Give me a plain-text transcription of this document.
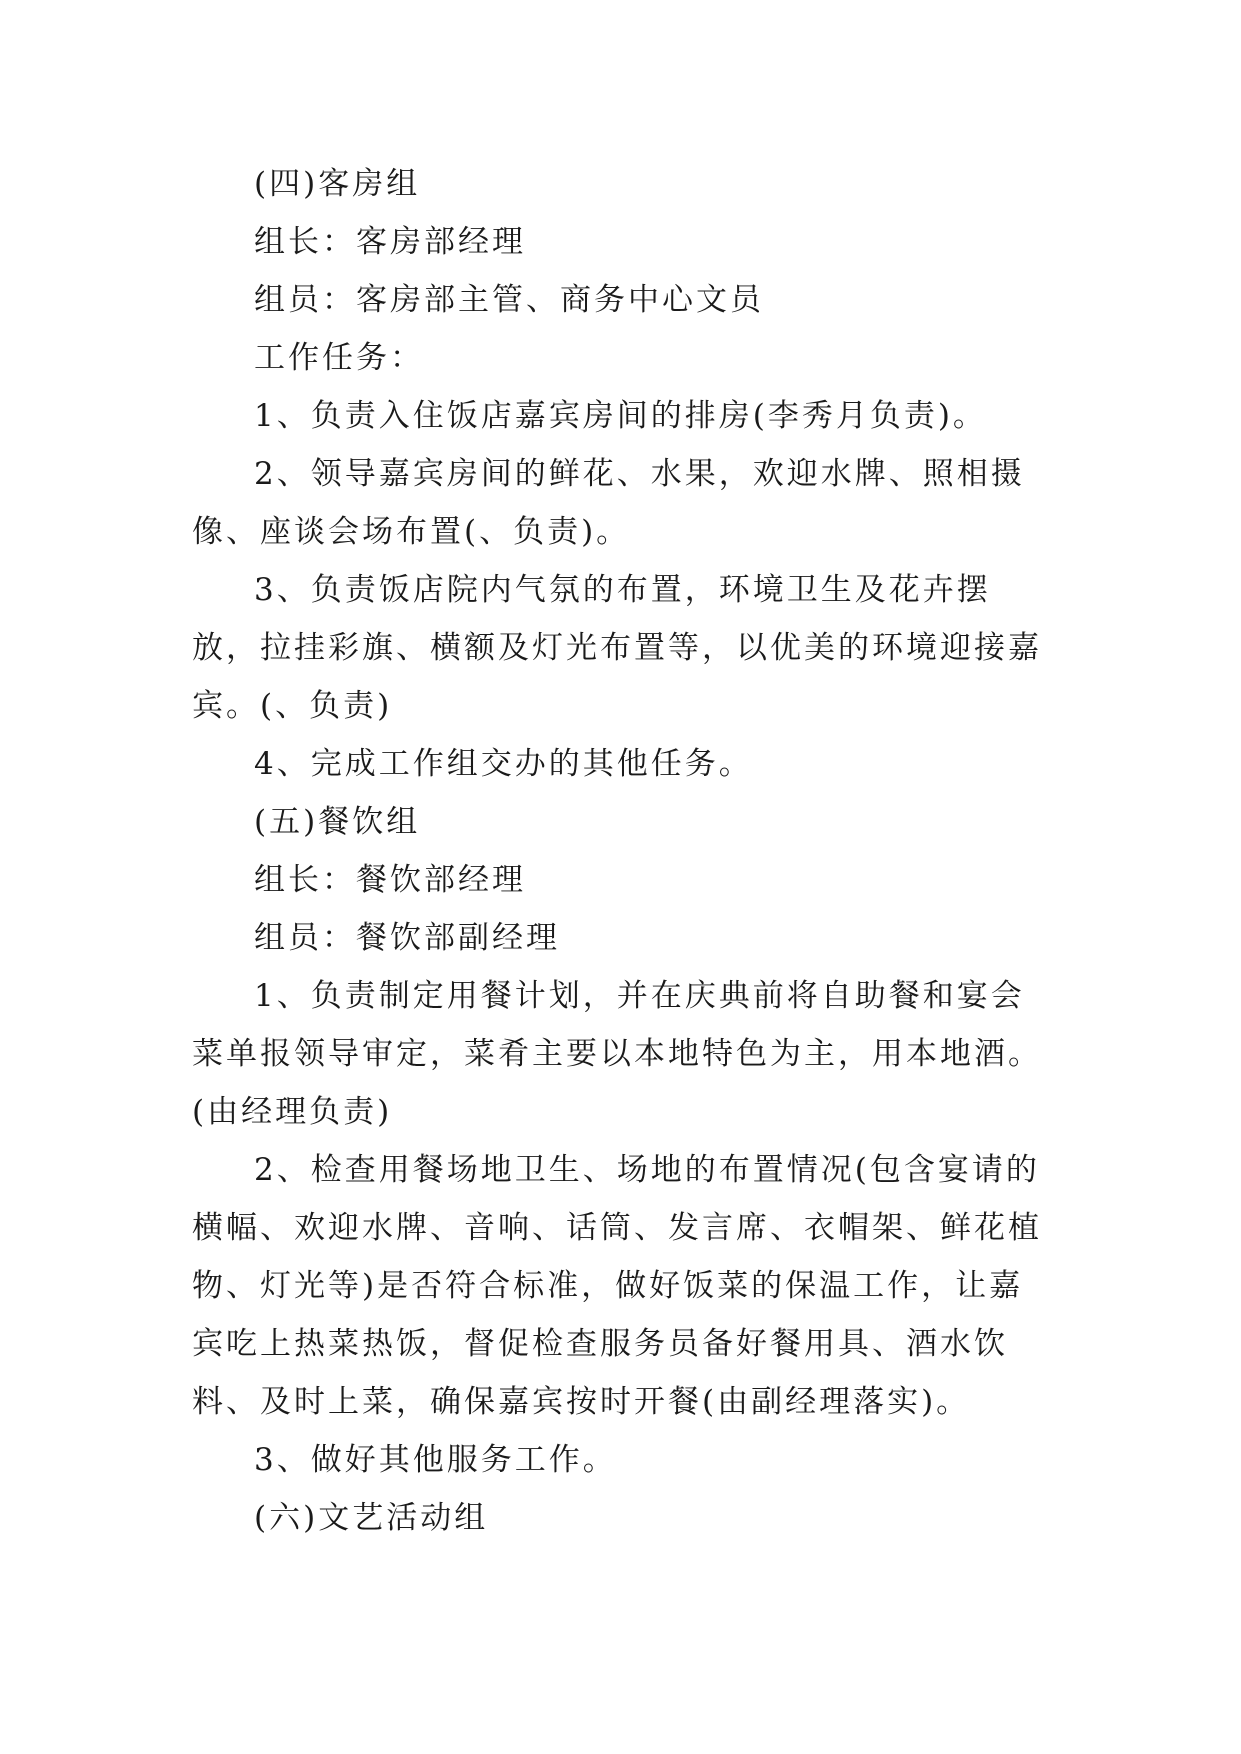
(四)客房组

组长：客房部经理

组员：客房部主管、商务中心文员

工作任务：

1、负责入住饭店嘉宾房间的排房(李秀月负责)。

2、领导嘉宾房间的鲜花、水果，欢迎水牌、照相摄像、座谈会场布置(、负责)。

3、负责饭店院内气氛的布置，环境卫生及花卉摆放，拉挂彩旗、横额及灯光布置等，以优美的环境迎接嘉宾。(、负责)

4、完成工作组交办的其他任务。

(五)餐饮组

组长：餐饮部经理

组员：餐饮部副经理

1、负责制定用餐计划，并在庆典前将自助餐和宴会菜单报领导审定，菜肴主要以本地特色为主，用本地酒。(由经理负责)

2、检查用餐场地卫生、场地的布置情况(包含宴请的横幅、欢迎水牌、音响、话筒、发言席、衣帽架、鲜花植物、灯光等)是否符合标准，做好饭菜的保温工作，让嘉宾吃上热菜热饭，督促检查服务员备好餐用具、酒水饮料、及时上菜，确保嘉宾按时开餐(由副经理落实)。

3、做好其他服务工作。

(六)文艺活动组
